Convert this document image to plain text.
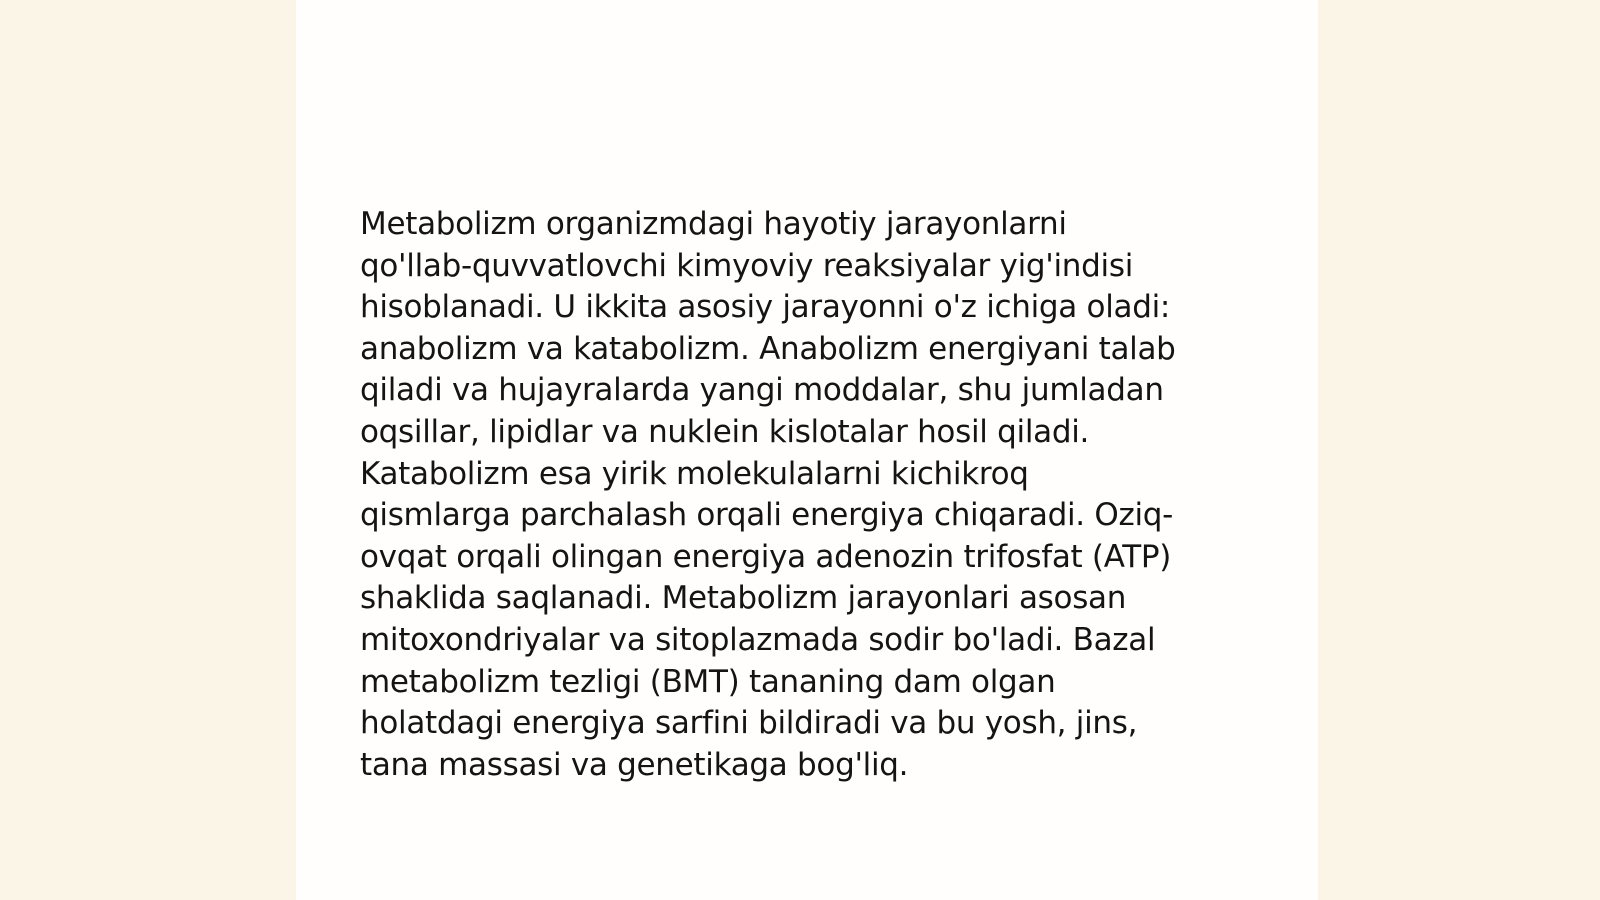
Metabolizm organizmdagi hayotiy jarayonlarni
qo'llab-quvvatlovchi kimyoviy reaksiyalar yig'indisi
hisoblanadi. U ikkita asosiy jarayonni o'z ichiga oladi:
anabolizm va katabolizm. Anabolizm energiyani talab
qiladi va hujayralarda yangi moddalar, shu jumladan
oqsillar, lipidlar va nuklein kislotalar hosil qiladi.
Katabolizm esa yirik molekulalarni kichikroq
qismlarga parchalash orqali energiya chiqaradi. Oziq-
ovqat orqali olingan energiya adenozin trifosfat (ATP)
shaklida saqlanadi. Metabolizm jarayonlari asosan
mitoxondriyalar va sitoplazmada sodir bo'ladi. Bazal
metabolizm tezligi (BMT) tananing dam olgan
holatdagi energiya sarfini bildiradi va bu yosh, jins,
tana massasi va genetikaga bog'liq.
